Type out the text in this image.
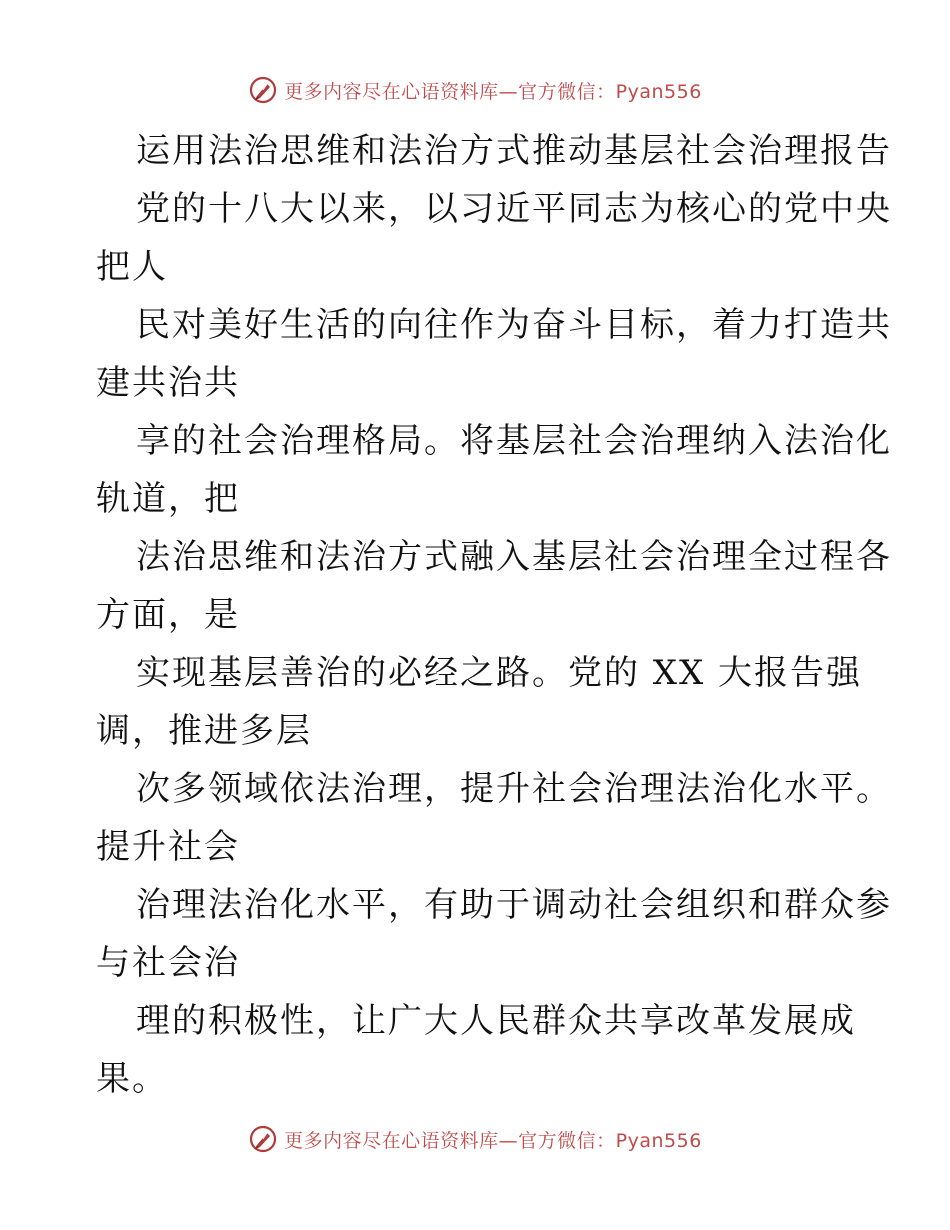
更多内容尽在心语资料库—官方微信：Pyan556
运用法治思维和法治方式推动基层社会治理报告
党的十八大以来，以习近平同志为核心的党中央
把人
民对美好生活的向往作为奋斗目标，着力打造共
建共治共
享的社会治理格局。将基层社会治理纳入法治化
轨道，把
法治思维和法治方式融入基层社会治理全过程各
方面，是
实现基层善治的必经之路。党的 XX 大报告强
调，推进多层
次多领域依法治理，提升社会治理法治化水平。
提升社会
治理法治化水平，有助于调动社会组织和群众参
与社会治
理的积极性，让广大人民群众共享改革发展成
果。
更多内容尽在心语资料库—官方微信：Pyan556
